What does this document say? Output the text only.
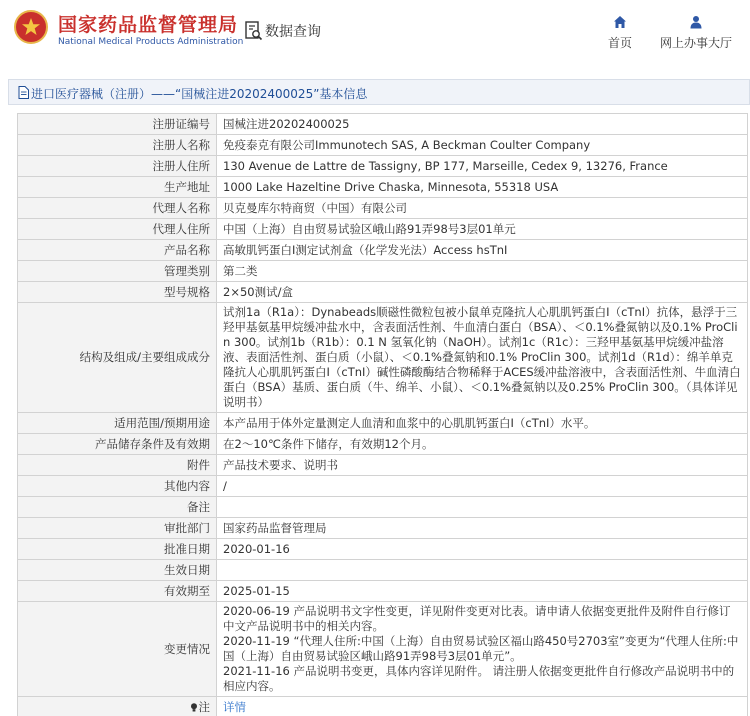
国家药品监督管理局
National Medical Products Administration
数据查询
首页	网上办事大厅
进口医疗器械（注册）——“国械注进20202400025”基本信息
注册证编号	国械注进20202400025
注册人名称	免疫泰克有限公司Immunotech SAS, A Beckman Coulter Company
注册人住所	130 Avenue de Lattre de Tassigny, BP 177, Marseille, Cedex 9, 13276, France
生产地址	1000 Lake Hazeltine Drive Chaska, Minnesota, 55318 USA
代理人名称	贝克曼库尔特商贸（中国）有限公司
代理人住所	中国（上海）自由贸易试验区峨山路91弄98号3层01单元
产品名称	高敏肌钙蛋白I测定试剂盒（化学发光法）Access hsTnI
管理类别	第二类
型号规格	2×50测试/盒
结构及组成/主要组成成分	试剂1a（R1a）：Dynabeads顺磁性微粒包被小鼠单克隆抗人心肌肌钙蛋白I（cTnI）抗体，悬浮于三羟甲基氨基甲烷缓冲盐水中，含表面活性剂、牛血清白蛋白（BSA）、＜0.1%叠氮钠以及0.1% ProClin 300。试剂1b（R1b）：0.1 N 氢氧化钠（NaOH）。试剂1c（R1c）：三羟甲基氨基甲烷缓冲盐溶液、表面活性剂、蛋白质（小鼠）、＜0.1%叠氮钠和0.1% ProClin 300。试剂1d（R1d）：绵羊单克隆抗人心肌肌钙蛋白I（cTnI）碱性磷酸酶结合物稀释于ACES缓冲盐溶液中，含表面活性剂、牛血清白蛋白（BSA）基质、蛋白质（牛、绵羊、小鼠）、＜0.1%叠氮钠以及0.25% ProClin 300。（具体详见说明书）
适用范围/预期用途	本产品用于体外定量测定人血清和血浆中的心肌肌钙蛋白I（cTnI）水平。
产品储存条件及有效期	在2～10℃条件下储存，有效期12个月。
附件	产品技术要求、说明书
其他内容	/
备注	
审批部门	国家药品监督管理局
批准日期	2020-01-16
生效日期	
有效期至	2025-01-15
变更情况	2020-06-19 产品说明书文字性变更，详见附件变更对比表。请申请人依据变更批件及附件自行修订中文产品说明书中的相关内容。
2020-11-19 “代理人住所:中国（上海）自由贸易试验区福山路450号2703室”变更为“代理人住所:中国（上海）自由贸易试验区峨山路91弄98号3层01单元”。
2021-11-16 产品说明书变更，具体内容详见附件。 请注册人依据变更批件自行修改产品说明书中的相应内容。

注	详情
